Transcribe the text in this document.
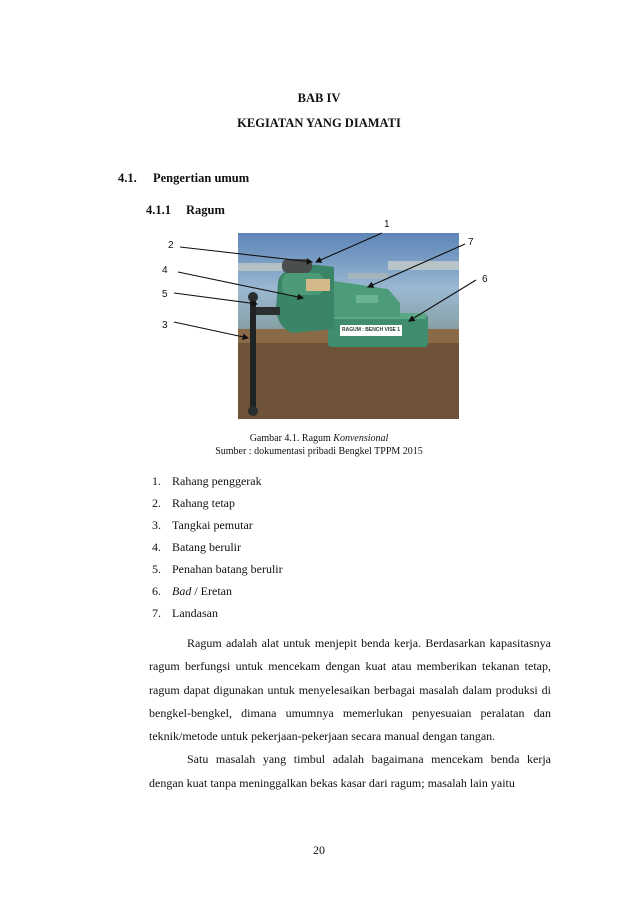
BAB IV
KEGIATAN YANG DIAMATI
4.1. Pengertian umum
4.1.1 Ragum
RAGUM : BENCH VISE 1
1
2	7
4
6
5
3
Gambar 4.1. Ragum Konvensional
Sumber : dokumentasi pribadi Bengkel TPPM 2015
1. Rahang penggerak
2. Rahang tetap
3. Tangkai pemutar
4. Batang berulir
5. Penahan batang berulir
6. Bad / Eretan
7. Landasan

Ragum adalah alat untuk menjepit benda kerja. Berdasarkan kapasitasnya ragum berfungsi untuk mencekam dengan kuat atau memberikan tekanan tetap, ragum dapat digunakan untuk menyelesaikan berbagai masalah dalam produksi di bengkel-bengkel, dimana umumnya memerlukan penyesuaian peralatan dan teknik/metode untuk pekerjaan-pekerjaan secara manual dengan tangan.

Satu masalah yang timbul adalah bagaimana mencekam benda kerja dengan kuat tanpa meninggalkan bekas kasar dari ragum; masalah lain yaitu

20
